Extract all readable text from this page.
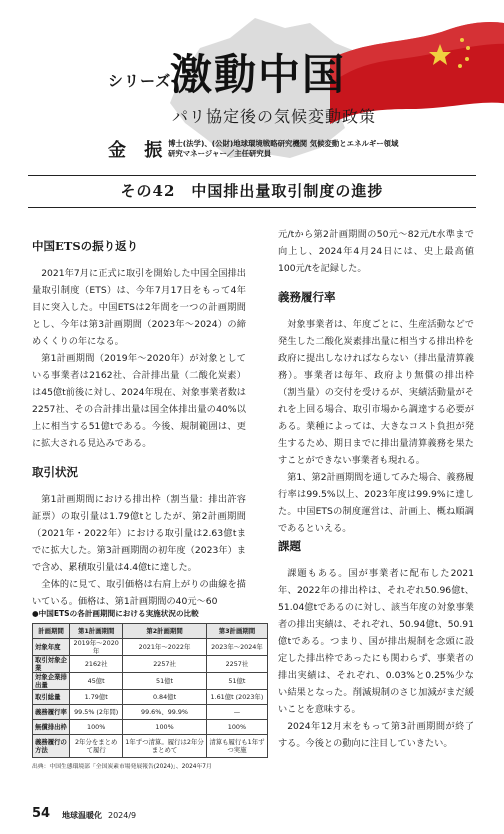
シリーズ
激動中国
パリ協定後の気候変動政策
金 振 博士(法学)、(公財)地球環境戦略研究機関 気候変動とエネルギー領域 研究マネージャー／主任研究員
その42　中国排出量取引制度の進捗

中国ETSの振り返り

2021年7月に正式に取引を開始した中国全国排出量取引制度（ETS）は、今年7月17日をもって4年目に突入した。中国ETSは2年間を一つの計画期間とし、今年は第3計画期間（2023年〜2024）の締めくくりの年になる。

第1計画期間（2019年〜2020年）が対象としている事業者は2162社、合計排出量（二酸化炭素）は45億t前後に対し、2024年現在、対象事業者数は2257社、その合計排出量は国全体排出量の40%以上に相当する51億tである。今後、規制範囲は、更に拡大される見込みである。

取引状況

第1計画期間における排出枠（割当量：排出許容証票）の取引量は1.79億tとしたが、第2計画期間（2021年・2022年）における取引量は2.63億tまでに拡大した。第3計画期間の初年度（2023年）まで含め、累積取引量は4.4億tに達した。

全体的に見て、取引価格は右肩上がりの曲線を描いている。価格は、第1計画期間の40元〜60

元/tから第2計画期間の50元〜82元/t水準まで向上し、2024年4月24日には、史上最高値100元/tを記録した。

義務履行率

対象事業者は、年度ごとに、生産活動などで発生した二酸化炭素排出量に相当する排出枠を政府に提出しなければならない（排出量清算義務）。事業者は毎年、政府より無償の排出枠（割当量）の交付を受けるが、実績活動量がそれを上回る場合、取引市場から調達する必要がある。業種によっては、大きなコスト負担が発生するため、期日までに排出量清算義務を果たすことができない事業者も現れる。

第1、第2計画期間を通してみた場合、義務履行率は99.5%以上、2023年度は99.9%に達した。中国ETSの制度運営は、計画上、概ね順調であるといえる。

課題

課題もある。国が事業者に配布した2021年、2022年の排出枠は、それぞれ50.96億t、51.04億tであるのに対し、該当年度の対象事業者の排出実績は、それぞれ、50.94億t、50.91億tである。つまり、国が排出規制を念頭に設定した排出枠であったにも関わらず、事業者の排出実績は、それぞれ、0.03%と0.25%少ない結果となった。削減規制のさじ加減がまだ緩いことを意味する。

2024年12月末をもって第3計画期間が終了する。今後との動向に注目していきたい。

●中国ETSの各計画期間における実施状況の比較
計画期間	第1計画期間	第2計画期間	第3計画期間
対象年度	2019年〜2020年	2021年〜2022年	2023年〜2024年
取引対象企業	2162社	2257社	2257社
対象企業排出量	45億t	51億t	51億t
取引総量	1.79億t	0.84億t	1.61億t (2023年)
義務履行率	99.5% (2年間)	99.6%、99.9%	—
無償排出枠	100%	100%	100%
義務履行の方法	2年分をまとめて履行	1年ずつ清算。履行は2年分まとめて	清算も履行も1年ずつ実施
出典：中国生態環境部「全国炭素市場発展報告(2024)」、2024年7月
54 地球温暖化 2024/9
